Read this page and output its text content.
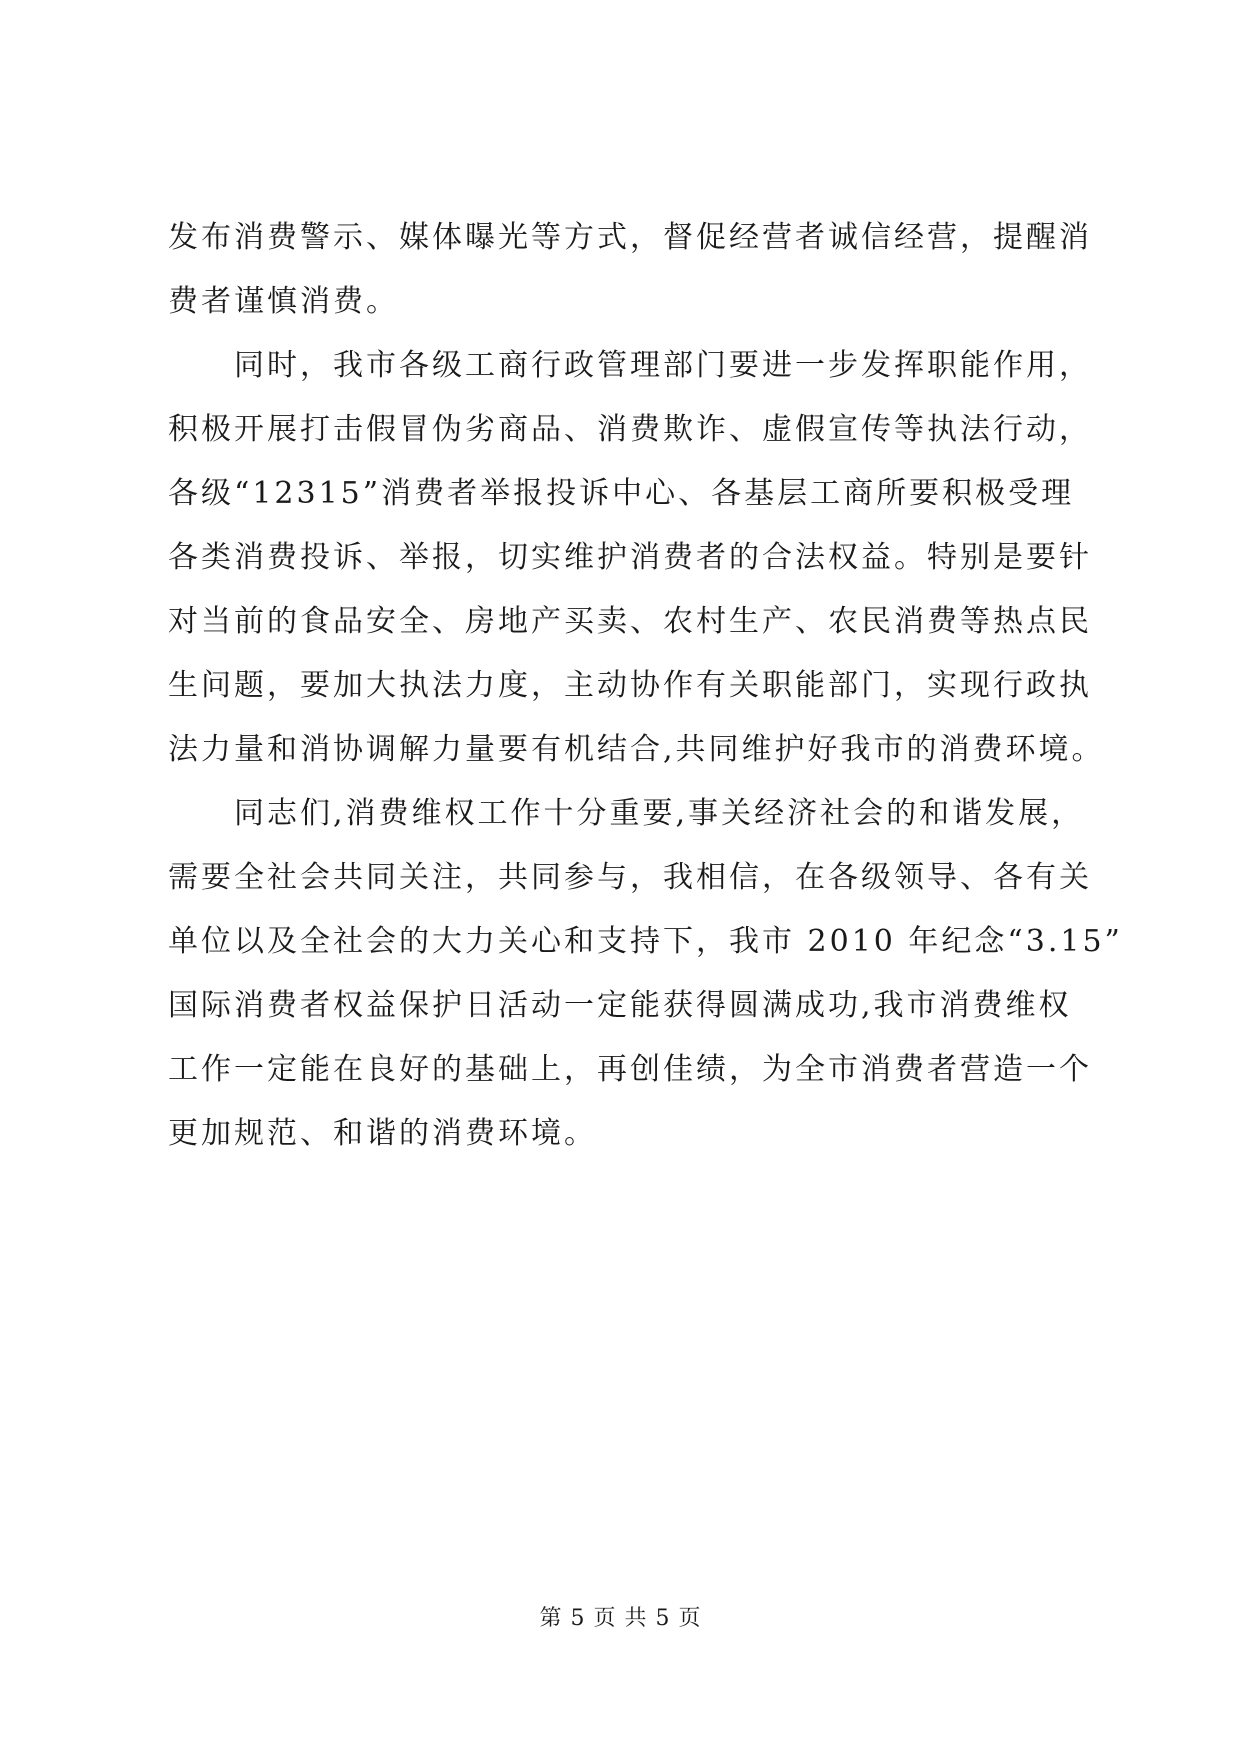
发布消费警示、媒体曝光等方式，督促经营者诚信经营，提醒消
费者谨慎消费。
同时，我市各级工商行政管理部门要进一步发挥职能作用，
积极开展打击假冒伪劣商品、消费欺诈、虚假宣传等执法行动，
各级“12315”消费者举报投诉中心、各基层工商所要积极受理
各类消费投诉、举报，切实维护消费者的合法权益。特别是要针
对当前的食品安全、房地产买卖、农村生产、农民消费等热点民
生问题，要加大执法力度，主动协作有关职能部门，实现行政执
法力量和消协调解力量要有机结合,共同维护好我市的消费环境。
同志们,消费维权工作十分重要,事关经济社会的和谐发展，
需要全社会共同关注，共同参与，我相信，在各级领导、各有关
单位以及全社会的大力关心和支持下，我市 2010 年纪念“3.15”
国际消费者权益保护日活动一定能获得圆满成功,我市消费维权
工作一定能在良好的基础上，再创佳绩，为全市消费者营造一个
更加规范、和谐的消费环境。
第 5 页 共 5 页
